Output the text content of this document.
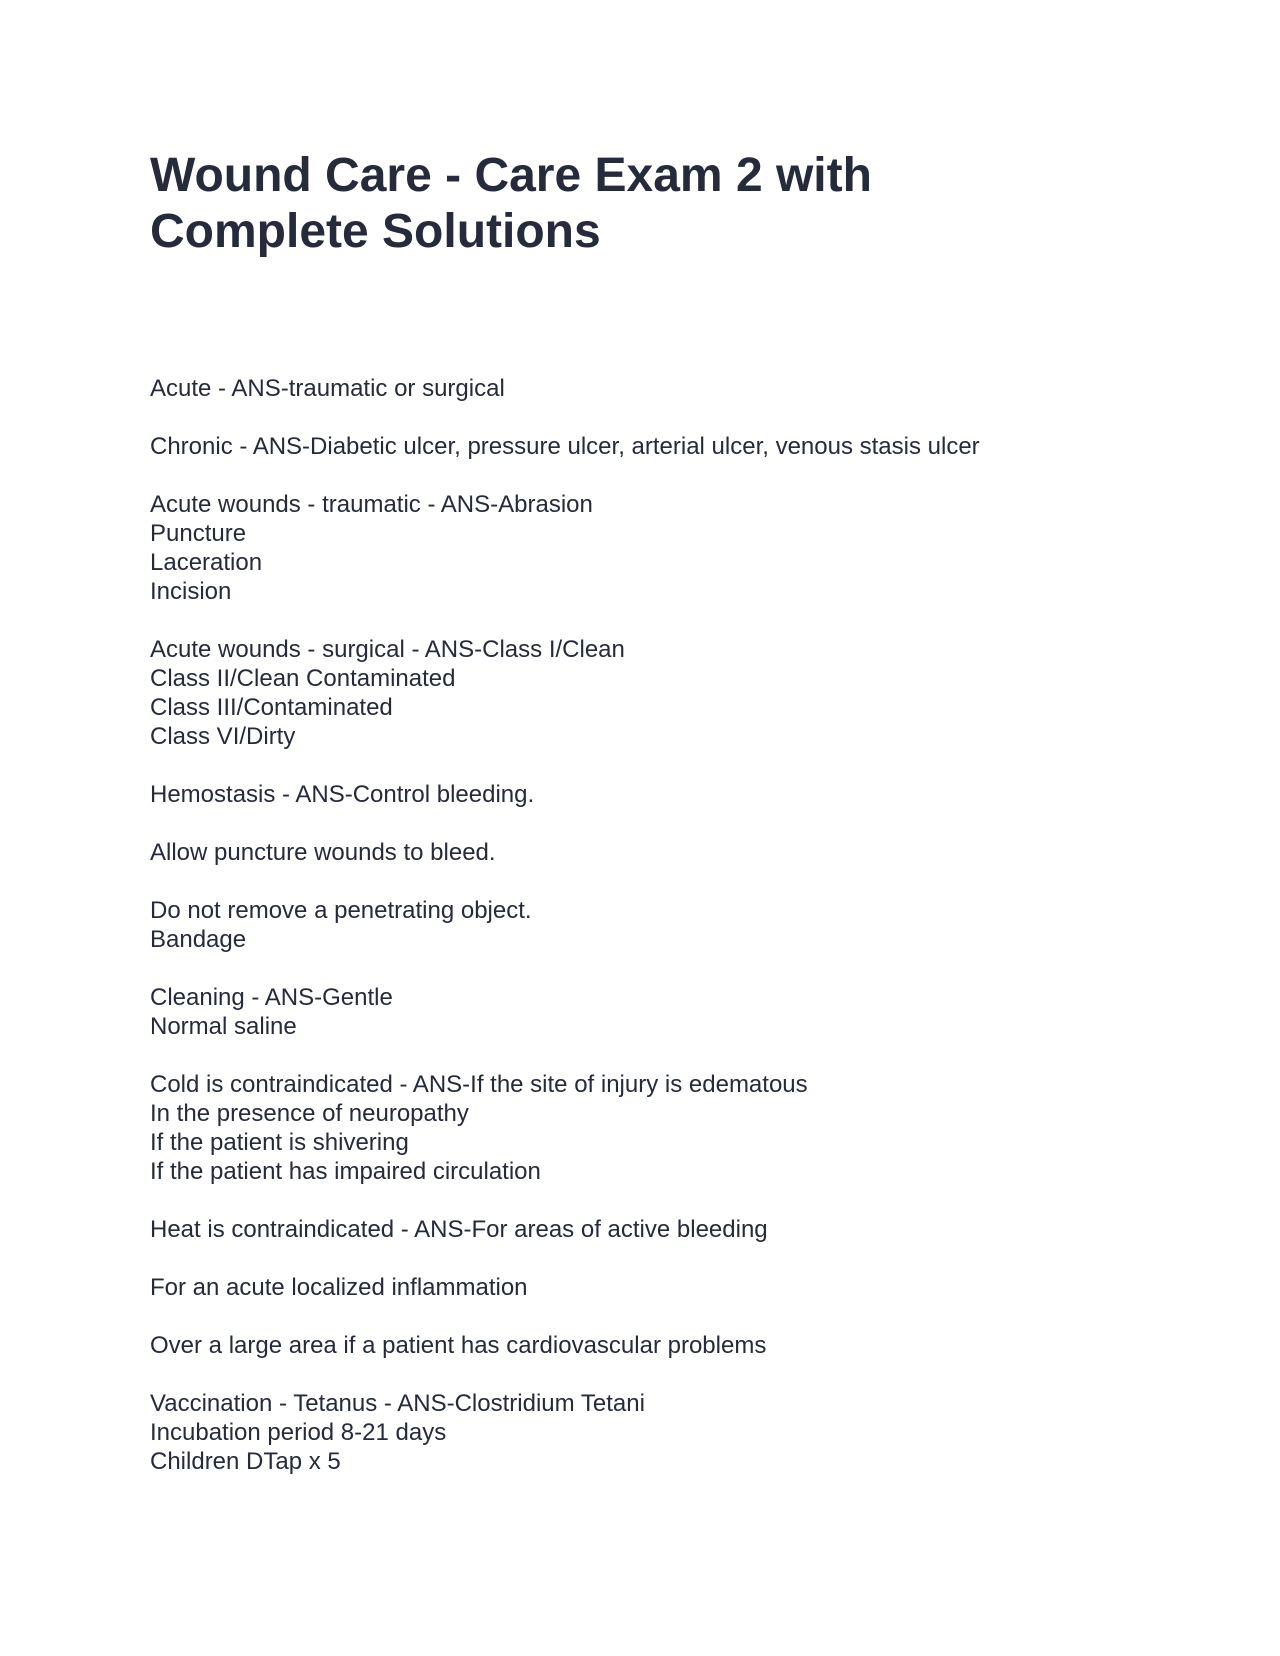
Wound Care - Care Exam 2 with
Complete Solutions

Acute - ANS-traumatic or surgical

Chronic - ANS-Diabetic ulcer, pressure ulcer, arterial ulcer, venous stasis ulcer

Acute wounds - traumatic - ANS-Abrasion
Puncture
Laceration
Incision

Acute wounds - surgical - ANS-Class I/Clean
Class II/Clean Contaminated
Class III/Contaminated
Class VI/Dirty

Hemostasis - ANS-Control bleeding.

Allow puncture wounds to bleed.

Do not remove a penetrating object.
Bandage

Cleaning - ANS-Gentle
Normal saline

Cold is contraindicated - ANS-If the site of injury is edematous
In the presence of neuropathy
If the patient is shivering
If the patient has impaired circulation

Heat is contraindicated - ANS-For areas of active bleeding

For an acute localized inflammation

Over a large area if a patient has cardiovascular problems

Vaccination - Tetanus - ANS-Clostridium Tetani
Incubation period 8-21 days
Children DTap x 5
